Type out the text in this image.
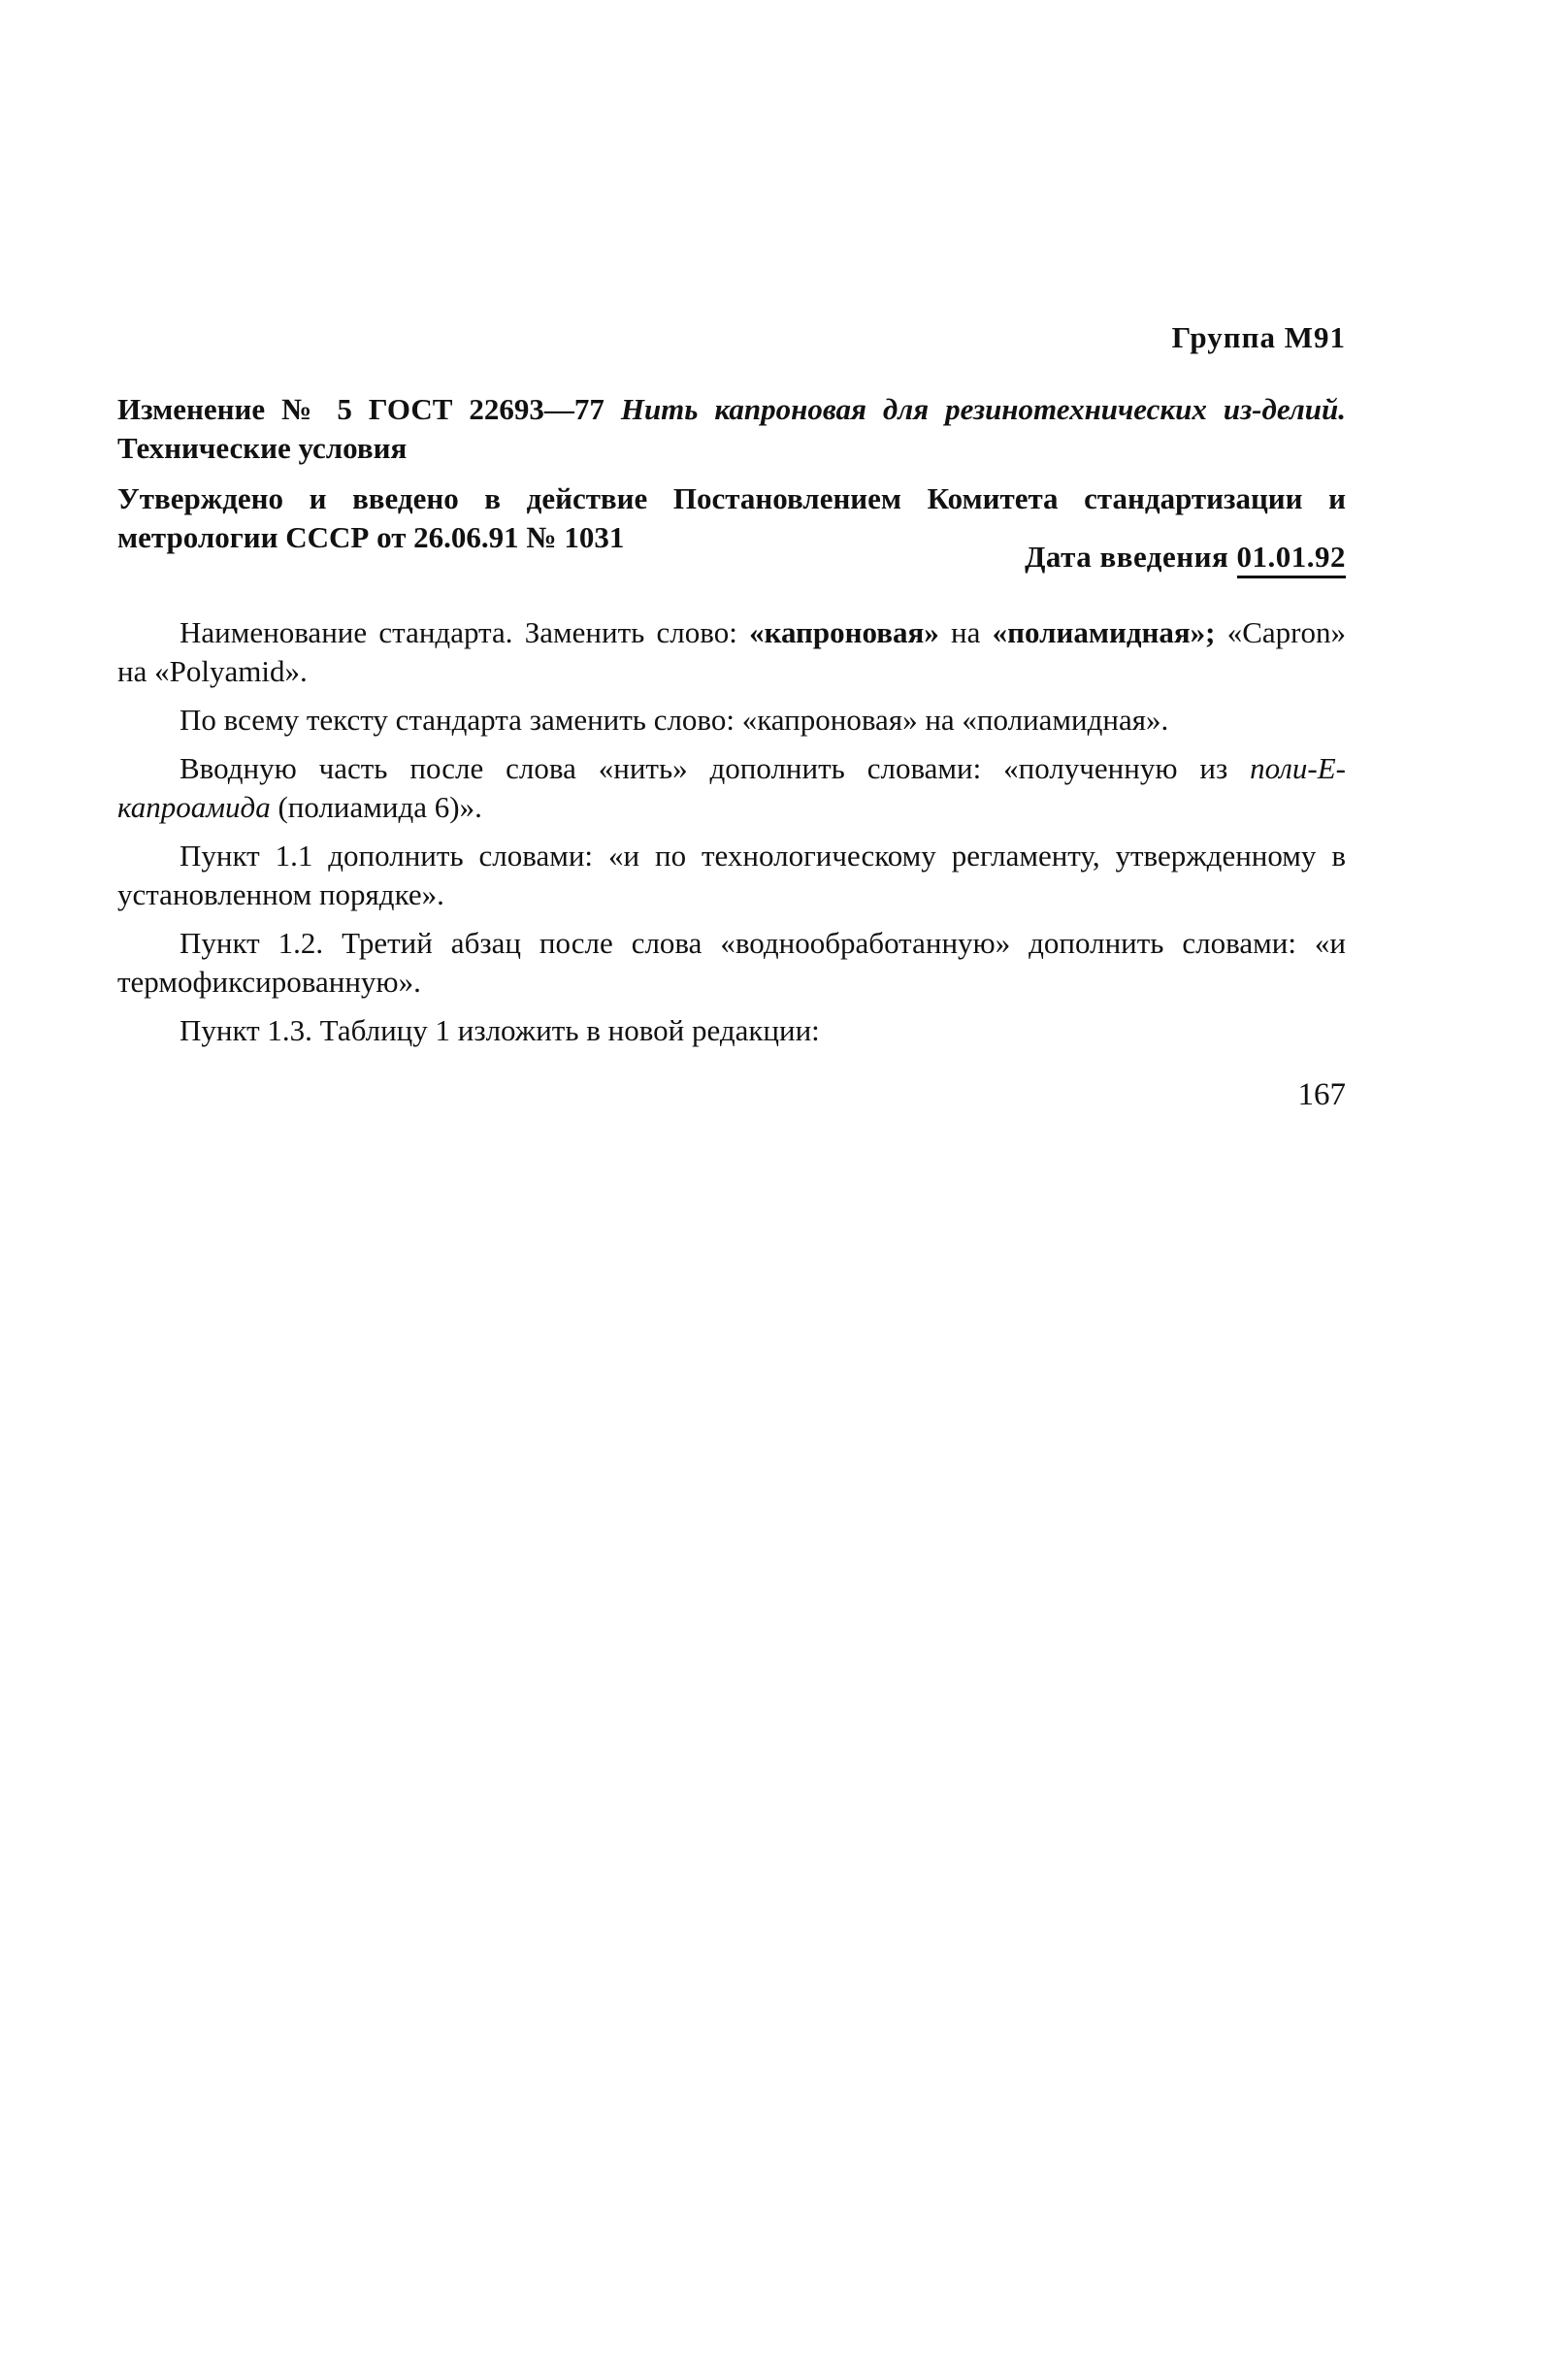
Группа М91
Изменение № 5 ГОСТ 22693—77 Нить капроновая для резинотехнических из-делий. Технические условия
Утверждено и введено в действие Постановлением Комитета стандартизации и метрологии СССР от 26.06.91 № 1031
Дата введения 01.01.92

Наименование стандарта. Заменить слово: «капроновая» на «полиамидная»; «Capron» на «Polyamid».

По всему тексту стандарта заменить слово: «капроновая» на «полиамидная».

Вводную часть после слова «нить» дополнить словами: «полученную из поли-Е-капроамида (полиамида 6)».

Пункт 1.1 дополнить словами: «и по технологическому регламенту, утвержденному в установленном порядке».

Пункт 1.2. Третий абзац после слова «воднообработанную» дополнить словами: «и термофиксированную».

Пункт 1.3. Таблицу 1 изложить в новой редакции:

167
